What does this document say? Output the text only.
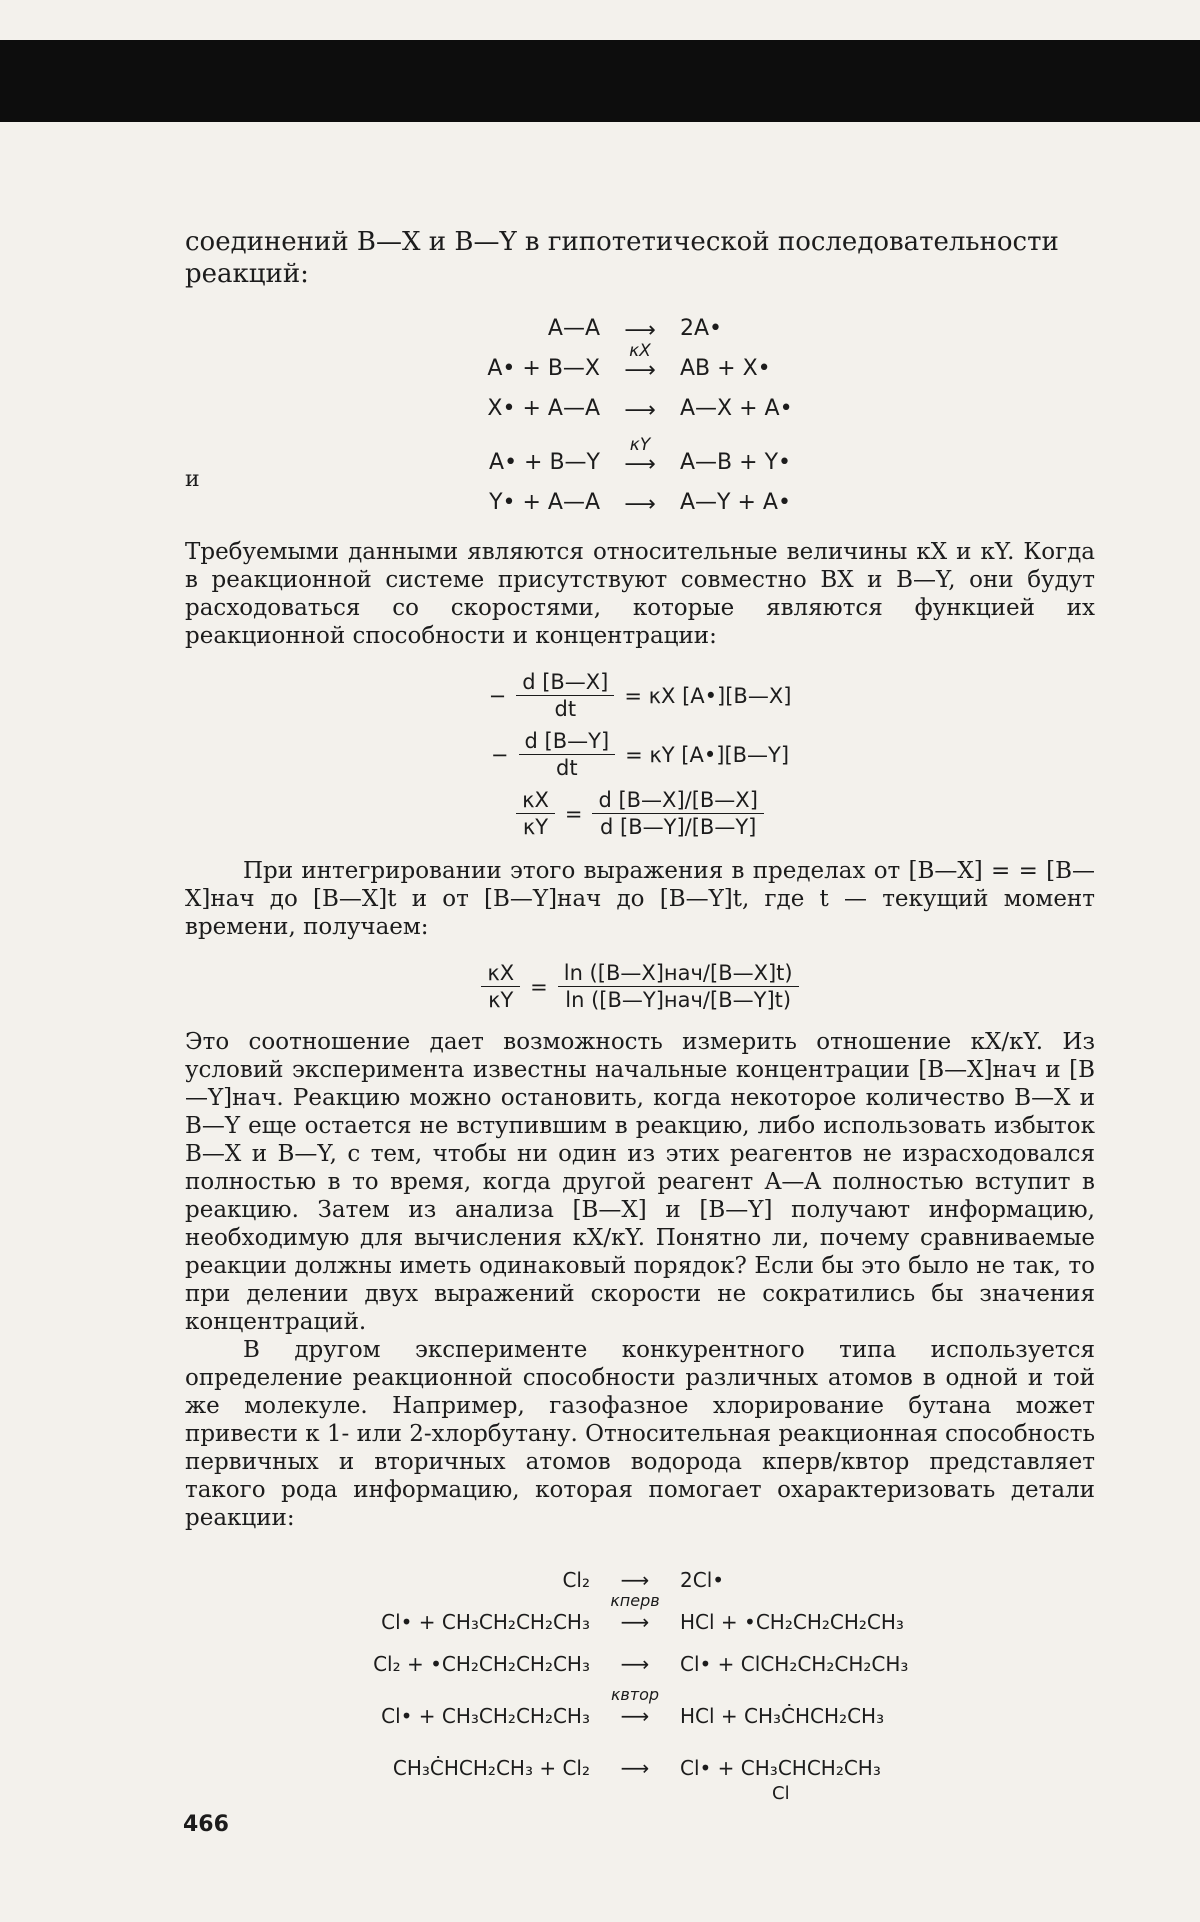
соединений B—X и B—Y в гипотетической последовательности реакций:

и
A—A ⟶ 2A•
A• + B—X
κX
⟶ AB + X•
X• + A—A ⟶ A—X + A•
A• + B—Y
κY
⟶ A—B + Y•
Y• + A—A ⟶ A—Y + A•

Требуемыми данными являются относительные величины κX и κY. Когда в реакционной системе присутствуют совместно BX и B—Y, они будут расходоваться со скоростями, которые являются функцией их реакционной способности и концентрации:

− $\frac{d [B—X]}{dt} = \kappa X$ [A•][B—X]
− $\frac{d [B—Y]}{dt} = \kappa Y$ [A•][B—Y]
$\frac{\kappa X}{\kappa Y} = \frac{d [B—X]/[B—X]}{d [B—Y]/[B—Y]}$

При интегрировании этого выражения в пределах от [B—X] = = [B—X]нач до [B—X]t и от [B—Y]нач до [B—Y]t, где t — текущий момент времени, получаем:

$\frac{\kappa X}{\kappa Y} = \frac{\text{ln ([B—X]нач/[B—X]t)}}{\text{ln ([B—Y]нач/[B—Y]t)}}$

Это соотношение дает возможность измерить отношение κX/κY. Из условий эксперимента известны начальные концентрации [B—X]нач и [B—Y]нач. Реакцию можно остановить, когда некоторое количество B—X и B—Y еще остается не вступившим в реакцию, либо использовать избыток B—X и B—Y, с тем, чтобы ни один из этих реагентов не израсходовался полностью в то время, когда другой реагент A—A полностью вступит в реакцию. Затем из анализа [B—X] и [B—Y] получают информацию, необходимую для вычисления κX/κY. Понятно ли, почему сравниваемые реакции должны иметь одинаковый порядок? Если бы это было не так, то при делении двух выражений скорости не сократились бы значения концентраций.

В другом эксперименте конкурентного типа используется определение реакционной способности различных атомов в одной и той же молекуле. Например, газофазное хлорирование бутана может привести к 1- или 2-хлорбутану. Относительная реакционная способность первичных и вторичных атомов водорода κперв/κвтор представляет такого рода информацию, которая помогает охарактеризовать детали реакции:

Cl₂ ⟶ 2Cl•
Cl• + CH₃CH₂CH₂CH₃
κперв
⟶ HCl + •CH₂CH₂CH₂CH₃
Cl₂ + •CH₂CH₂CH₂CH₃ ⟶ Cl• + ClCH₂CH₂CH₂CH₃
Cl• + CH₃CH₂CH₂CH₃
κвтор
⟶ HCl + CH₃ĊHCH₂CH₃
CH₃ĊHCH₂CH₃ + Cl₂ ⟶ Cl• + CH₃CHCH₂CH₃

Cl

466
